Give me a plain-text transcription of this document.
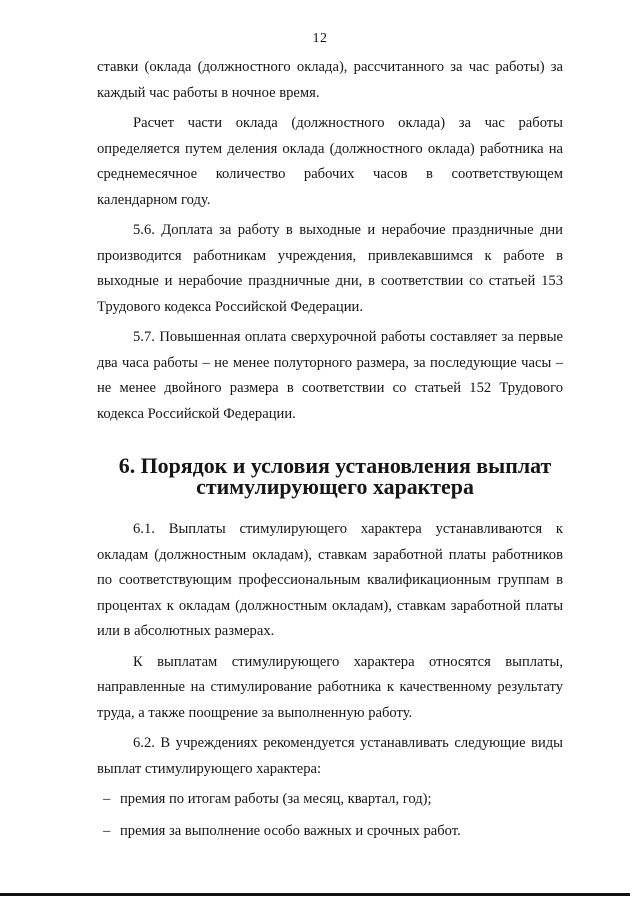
12

ставки (оклада (должностного оклада), рассчитанного за час работы) за каждый час работы в ночное время.

Расчет части оклада (должностного оклада) за час работы определяется путем деления оклада (должностного оклада) работника на среднемесячное количество рабочих часов в соответствующем календарном году.

5.6. Доплата за работу в выходные и нерабочие праздничные дни производится работникам учреждения, привлекавшимся к работе в выходные и нерабочие праздничные дни, в соответствии со статьей 153 Трудового кодекса Российской Федерации.

5.7. Повышенная оплата сверхурочной работы составляет за первые два часа работы – не менее полуторного размера, за последующие часы – не менее двойного размера в соответствии со статьей 152 Трудового кодекса Российской Федерации.

6. Порядок и условия установления выплат стимулирующего характера

6.1. Выплаты стимулирующего характера устанавливаются к окладам (должностным окладам), ставкам заработной платы работников по соответствующим профессиональным квалификационным группам в процентах к окладам (должностным окладам), ставкам заработной платы или в абсолютных размерах.

К выплатам стимулирующего характера относятся выплаты, направленные на стимулирование работника к качественному результату труда, а также поощрение за выполненную работу.

6.2. В учреждениях рекомендуется устанавливать следующие виды выплат стимулирующего характера:

– премия по итогам работы (за месяц, квартал, год);
– премия за выполнение особо важных и срочных работ.
